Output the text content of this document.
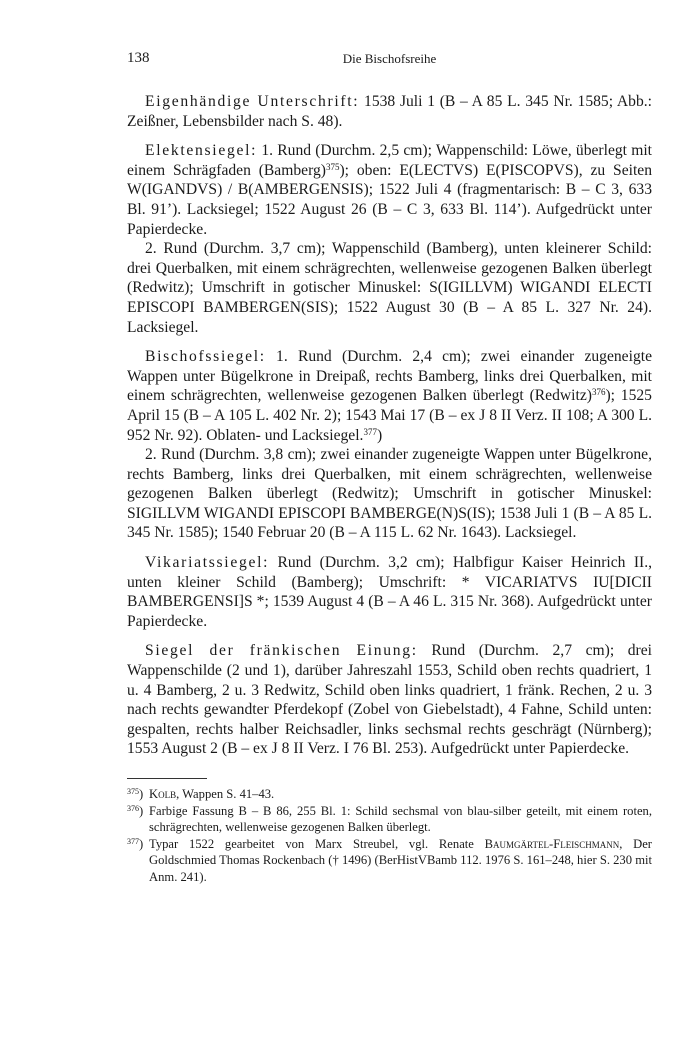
138	Die Bischofsreihe

Eigenhändige Unterschrift: 1538 Juli 1 (B – A 85 L. 345 Nr. 1585; Abb.: Zeißner, Lebensbilder nach S. 48).

Elektensiegel: 1. Rund (Durchm. 2,5 cm); Wappenschild: Löwe, überlegt mit einem Schrägfaden (Bamberg)$^{375}$); oben: E(LECTVS) E(PISCOPVS), zu Seiten W(IGANDVS) / B(AMBERGENSIS); 1522 Juli 4 (fragmentarisch: B – C 3, 633 Bl. 91’). Lacksiegel; 1522 August 26 (B – C 3, 633 Bl. 114’). Aufgedrückt unter Papierdecke.

2. Rund (Durchm. 3,7 cm); Wappenschild (Bamberg), unten kleinerer Schild: drei Querbalken, mit einem schrägrechten, wellenweise gezogenen Balken überlegt (Redwitz); Umschrift in gotischer Minuskel: S(IGILLVM) WIGANDI ELECTI EPISCOPI BAMBERGEN(SIS); 1522 August 30 (B – A 85 L. 327 Nr. 24). Lacksiegel.

Bischofssiegel: 1. Rund (Durchm. 2,4 cm); zwei einander zugeneigte Wappen unter Bügelkrone in Dreipaß, rechts Bamberg, links drei Querbalken, mit einem schrägrechten, wellenweise gezogenen Balken überlegt (Redwitz)$^{376}$); 1525 April 15 (B – A 105 L. 402 Nr. 2); 1543 Mai 17 (B – ex J 8 II Verz. II 108; A 300 L. 952 Nr. 92). Oblaten- und Lacksiegel.$^{377}$)

2. Rund (Durchm. 3,8 cm); zwei einander zugeneigte Wappen unter Bügelkrone, rechts Bamberg, links drei Querbalken, mit einem schrägrechten, wellenweise gezogenen Balken überlegt (Redwitz); Umschrift in gotischer Minuskel: SIGILLVM WIGANDI EPISCOPI BAMBERGE(N)S(IS); 1538 Juli 1 (B – A 85 L. 345 Nr. 1585); 1540 Februar 20 (B – A 115 L. 62 Nr. 1643). Lacksiegel.

Vikariatssiegel: Rund (Durchm. 3,2 cm); Halbfigur Kaiser Heinrich II., unten kleiner Schild (Bamberg); Umschrift: * VICARIATVS IU[DICII BAMBERGENSI]S *; 1539 August 4 (B – A 46 L. 315 Nr. 368). Aufgedrückt unter Papierdecke.

Siegel der fränkischen Einung: Rund (Durchm. 2,7 cm); drei Wappenschilde (2 und 1), darüber Jahreszahl 1553, Schild oben rechts quadriert, 1 u. 4 Bamberg, 2 u. 3 Redwitz, Schild oben links quadriert, 1 fränk. Rechen, 2 u. 3 nach rechts gewandter Pferdekopf (Zobel von Giebelstadt), 4 Fahne, Schild unten: gespalten, rechts halber Reichsadler, links sechsmal rechts geschrägt (Nürnberg); 1553 August 2 (B – ex J 8 II Verz. I 76 Bl. 253). Aufgedrückt unter Papierdecke.

$^{375}$) Kolb, Wappen S. 41–43.

$^{376}$) Farbige Fassung B – B 86, 255 Bl. 1: Schild sechsmal von blau-silber geteilt, mit einem roten, schrägrechten, wellenweise gezogenen Balken überlegt.

$^{377}$) Typar 1522 gearbeitet von Marx Streubel, vgl. Renate Baumgärtel-Fleischmann, Der Goldschmied Thomas Rockenbach († 1496) (BerHistVBamb 112. 1976 S. 161–248, hier S. 230 mit Anm. 241).
